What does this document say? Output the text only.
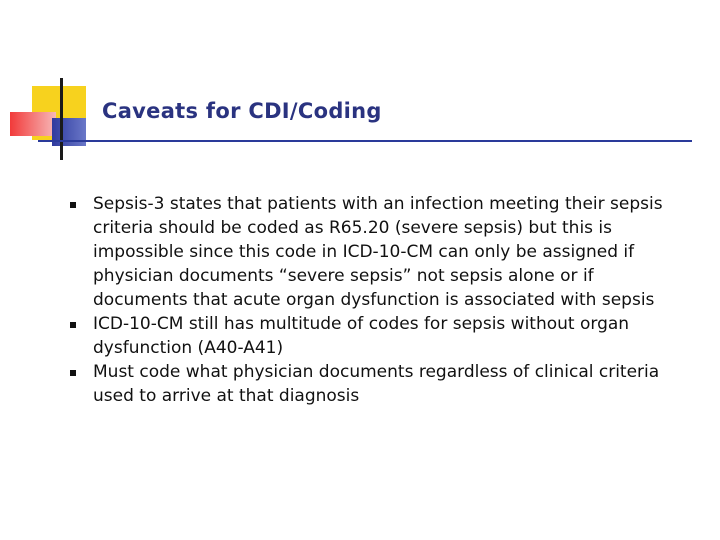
Caveats for CDI/Coding
Sepsis-3 states that patients with an infection meeting their sepsis criteria should be coded as R65.20 (severe sepsis) but this is impossible since this code in ICD-10-CM can only be assigned if physician documents “severe sepsis” not sepsis alone or if documents that acute organ dysfunction is associated with sepsis
ICD-10-CM still has multitude of codes for sepsis without organ dysfunction (A40-A41)
Must code what physician documents regardless of clinical criteria used to arrive at that diagnosis
